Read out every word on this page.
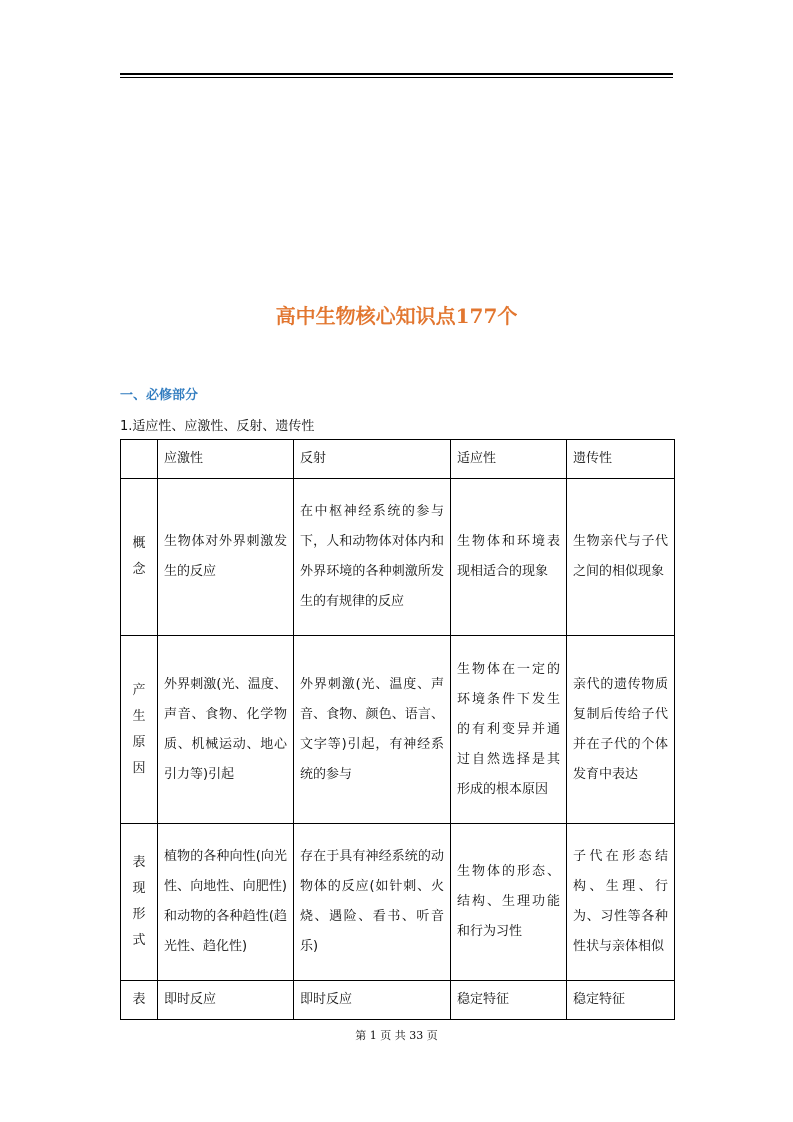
高中生物核心知识点177个
一、必修部分
1.适应性、应激性、反射、遗传性
	应激性	反射	适应性	遗传性
概
念	生物体对外界刺激发生的反应	在中枢神经系统的参与下，人和动物体对体内和外界环境的各种刺激所发生的有规律的反应	生物体和环境表现相适合的现象	生物亲代与子代之间的相似现象
产
生
原
因	外界刺激(光、温度、声音、食物、化学物质、机械运动、地心引力等)引起	外界刺激(光、温度、声音、食物、颜色、语言、文字等)引起，有神经系统的参与	生物体在一定的环境条件下发生的有利变异并通过自然选择是其形成的根本原因	亲代的遗传物质复制后传给子代并在子代的个体发育中表达
表
现
形
式	植物的各种向性(向光性、向地性、向肥性)和动物的各种趋性(趋光性、趋化性)	存在于具有神经系统的动物体的反应(如针刺、火烧、遇险、看书、听音乐)	生物体的形态、结构、生理功能和行为习性	子代在形态结构、生理、行为、习性等各种性状与亲体相似
表	即时反应	即时反应	稳定特征	稳定特征
第 1 页 共 33 页
